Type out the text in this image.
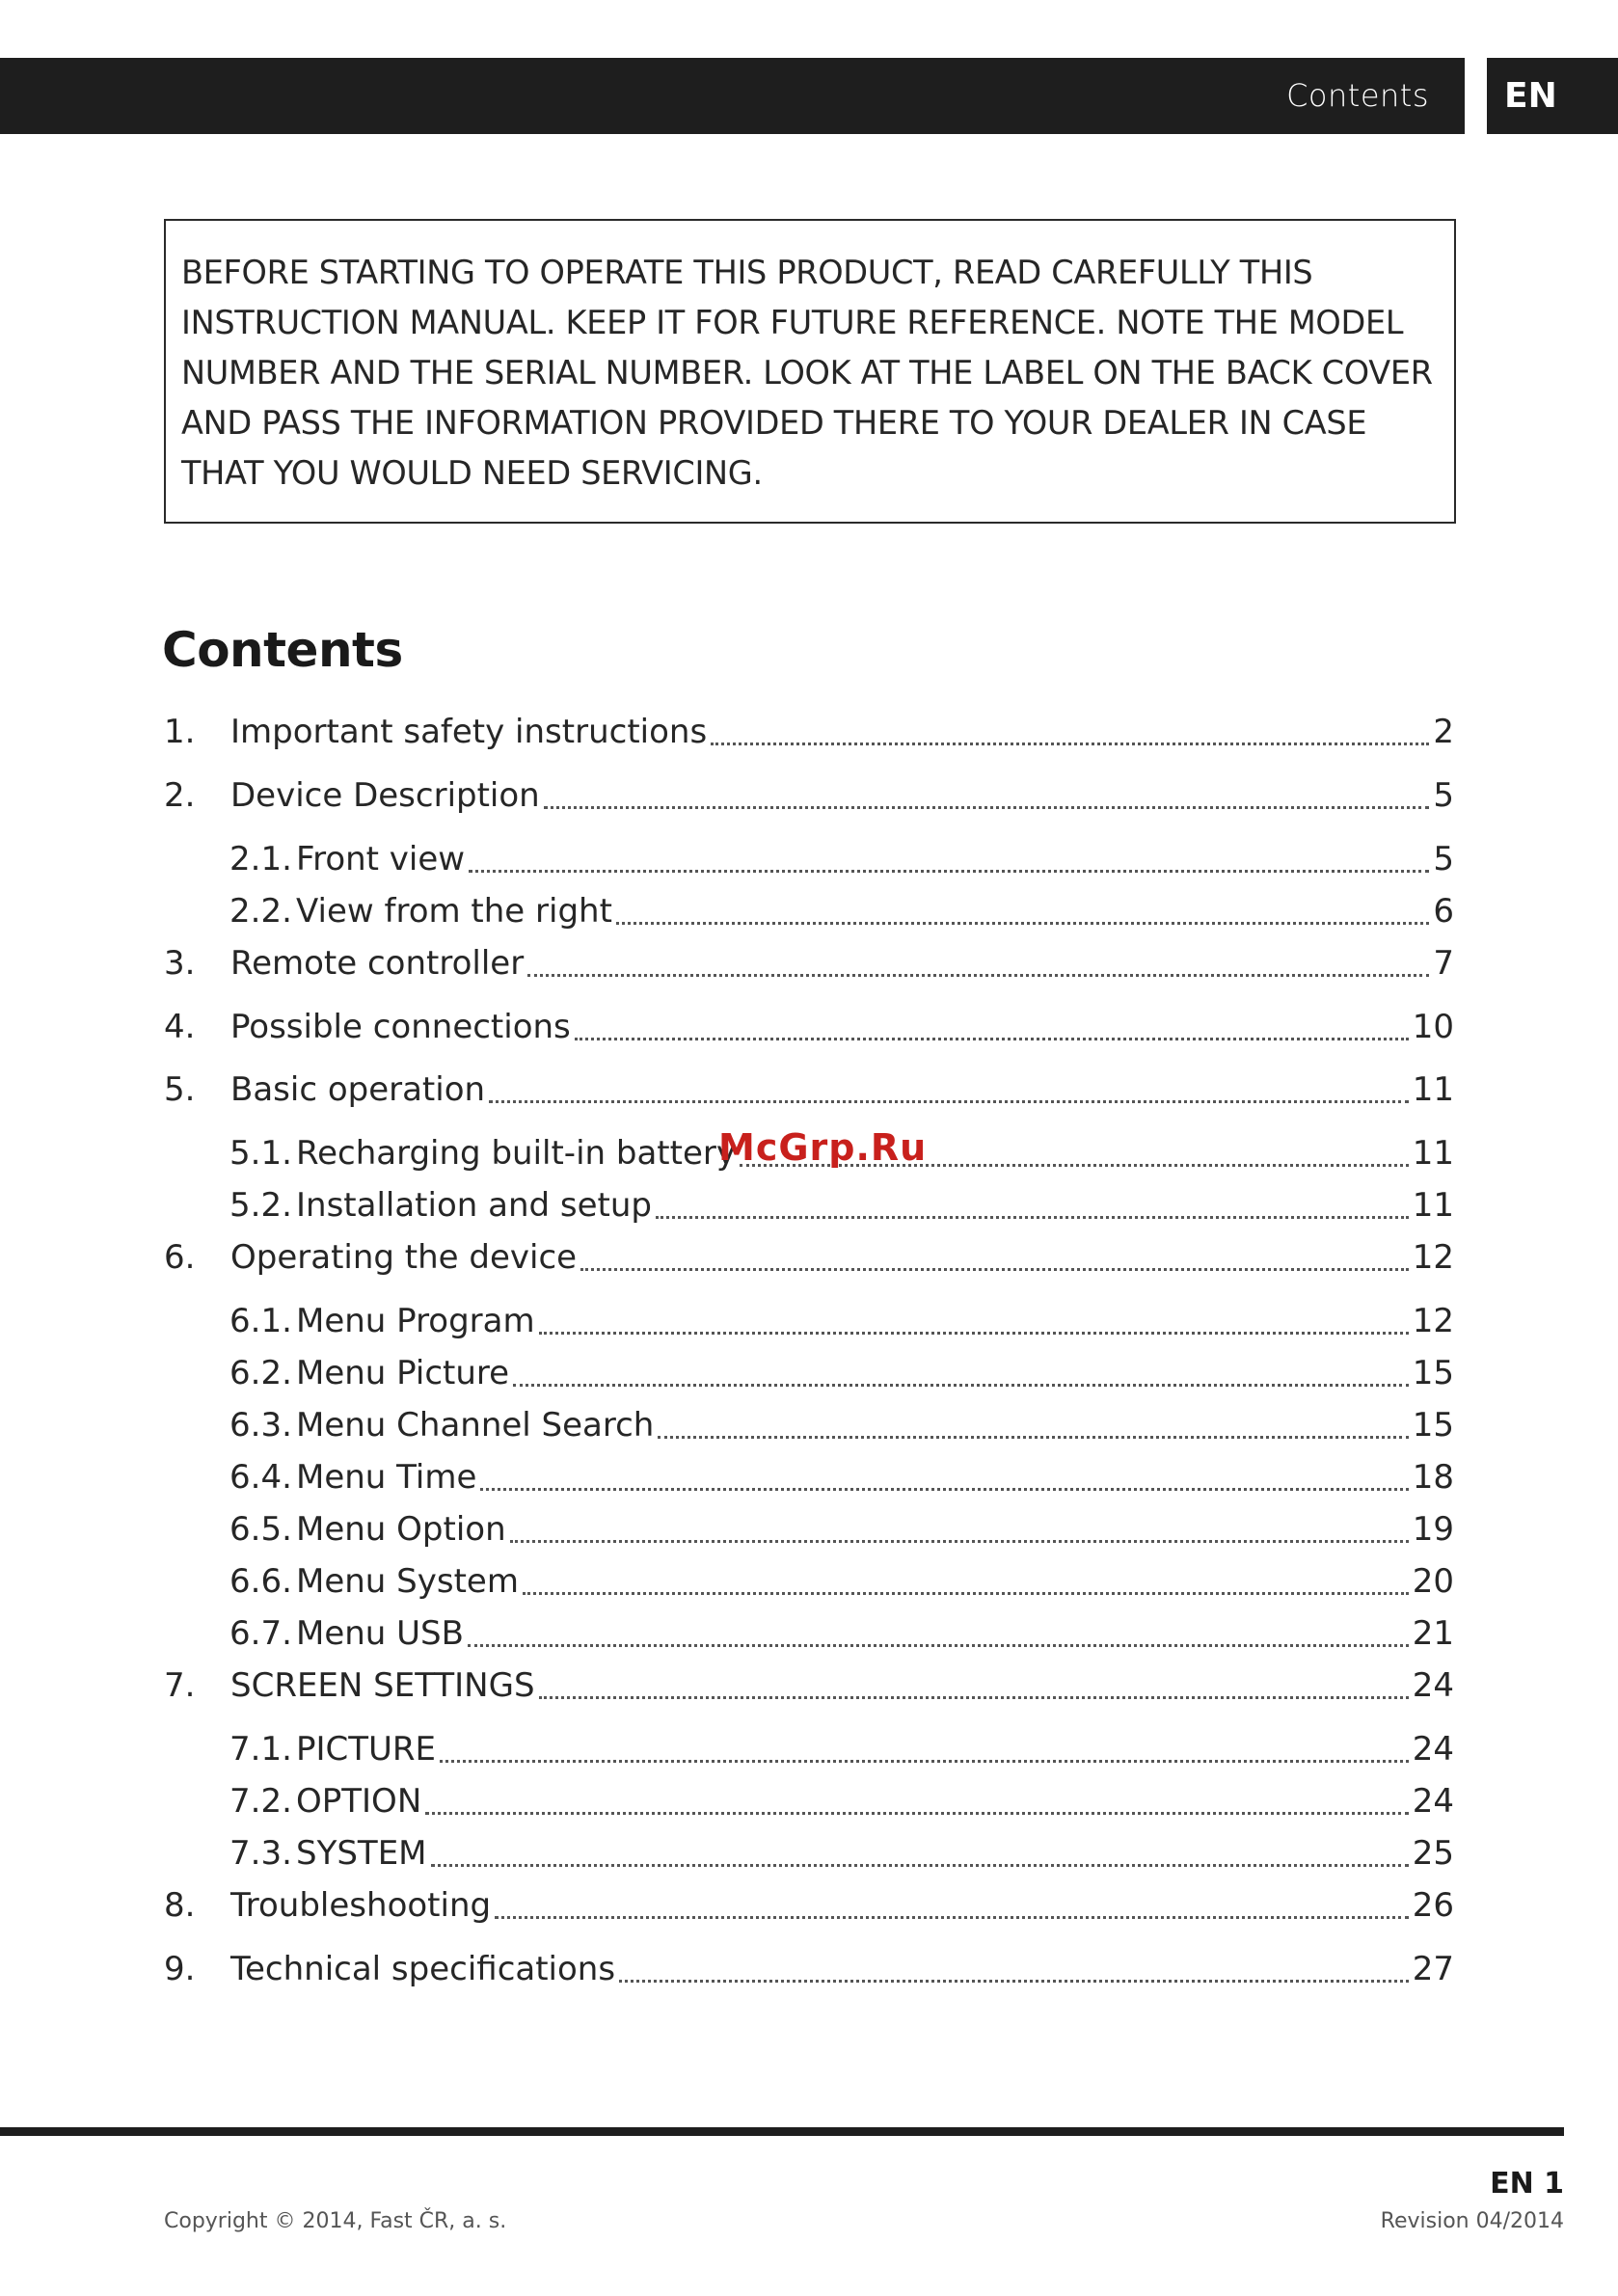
Contents	EN
BEFORE STARTING TO OPERATE THIS PRODUCT, READ CAREFULLY THIS INSTRUCTION MANUAL. KEEP IT FOR FUTURE REFERENCE. NOTE THE MODEL NUMBER AND THE SERIAL NUMBER. LOOK AT THE LABEL ON THE BACK COVER AND PASS THE INFORMATION PROVIDED THERE TO YOUR DEALER IN CASE THAT YOU WOULD NEED SERVICING.
Contents
1.	Important safety instructions	2
2.	Device Description	5
2.1. Front view	5
2.2. View from the right	6
3.	Remote controller	7
4.	Possible connections	10
5.	Basic operation	11
5.1. Recharging built-in battery	11
5.2. Installation and setup	11
6.	Operating the device	12
6.1. Menu Program	12
6.2. Menu Picture	15
6.3. Menu Channel Search	15
6.4. Menu Time	18
6.5. Menu Option	19
6.6. Menu System	20
6.7. Menu USB	21
7.	SCREEN SETTINGS	24
7.1. PICTURE	24
7.2. OPTION	24
7.3. SYSTEM	25
8.	Troubleshooting	26
9.	Technical specifications	27
McGrp.Ru
EN 1
Copyright © 2014, Fast ČR, a. s.	Revision 04/2014
